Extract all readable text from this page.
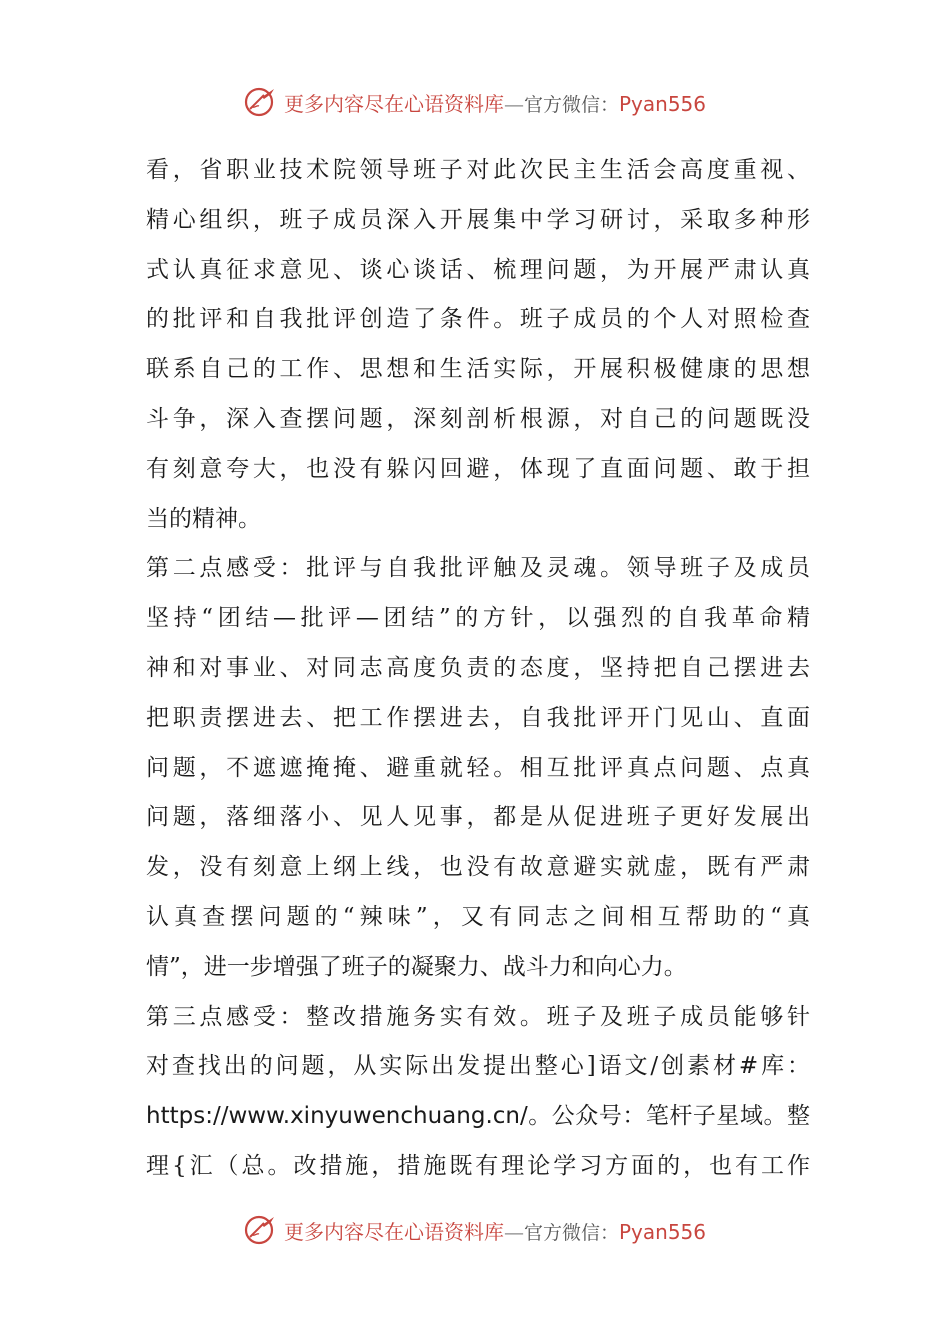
更多内容尽在心语资料库—官方微信：Pyan556
看，省职业技术院领导班子对此次民主生活会高度重视、
精心组织，班子成员深入开展集中学习研讨，采取多种形
式认真征求意见、谈心谈话、梳理问题，为开展严肃认真
的批评和自我批评创造了条件。班子成员的个人对照检查
联系自己的工作、思想和生活实际，开展积极健康的思想
斗争，深入查摆问题，深刻剖析根源，对自己的问题既没
有刻意夸大，也没有躲闪回避，体现了直面问题、敢于担
当的精神。
第二点感受：批评与自我批评触及灵魂。领导班子及成员
坚持“团结—批评—团结”的方针，以强烈的自我革命精
神和对事业、对同志高度负责的态度，坚持把自己摆进去
把职责摆进去、把工作摆进去，自我批评开门见山、直面
问题，不遮遮掩掩、避重就轻。相互批评真点问题、点真
问题，落细落小、见人见事，都是从促进班子更好发展出
发，没有刻意上纲上线，也没有故意避实就虚，既有严肃
认真查摆问题的“辣味”，又有同志之间相互帮助的“真
情”，进一步增强了班子的凝聚力、战斗力和向心力。
第三点感受：整改措施务实有效。班子及班子成员能够针
对查找出的问题，从实际出发提出整心]语文/创素材#库：
https://www.xinyuwenchuang.cn/。公众号：笔杆子星域。整
理{汇（总。改措施，措施既有理论学习方面的，也有工作
更多内容尽在心语资料库—官方微信：Pyan556
